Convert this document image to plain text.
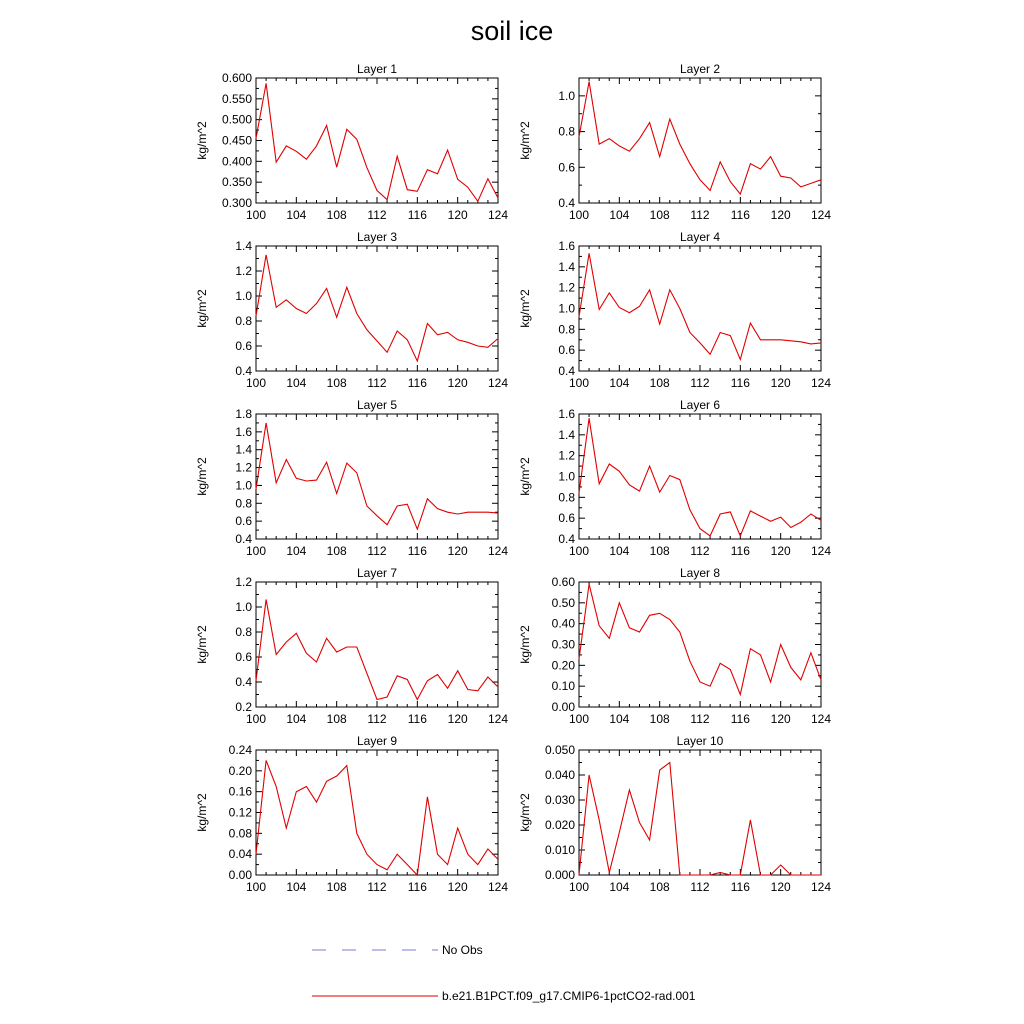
soil ice
Layer 1
100 104 108 112 116 120 124
0.300
0.350
0.400
0.450
0.500
0.550
0.600
kg/m^2
Layer 2
100 104 108 112 116 120 124
0.4
0.6
0.8
1.0
kg/m^2
Layer 3
100 104 108 112 116 120 124
0.4
0.6
0.8
1.0
1.2
1.4
kg/m^2
Layer 4
100 104 108 112 116 120 124
0.4
0.6
0.8
1.0
1.2
1.4
1.6
kg/m^2
Layer 5
100 104 108 112 116 120 124
0.4
0.6
0.8
1.0
1.2
1.4
1.6
1.8
kg/m^2
Layer 6
100 104 108 112 116 120 124
0.4
0.6
0.8
1.0
1.2
1.4
1.6
kg/m^2
Layer 7
100 104 108 112 116 120 124
0.2
0.4
0.6
0.8
1.0
1.2
kg/m^2
Layer 8
100 104 108 112 116 120 124
0.00
0.10
0.20
0.30
0.40
0.50
0.60
kg/m^2
Layer 9
100 104 108 112 116 120 124
0.00
0.04
0.08
0.12
0.16
0.20
0.24
kg/m^2
Layer 10
100 104 108 112 116 120 124
0.000
0.010
0.020
0.030
0.040
0.050
kg/m^2
No Obs
b.e21.B1PCT.f09_g17.CMIP6-1pctCO2-rad.001
